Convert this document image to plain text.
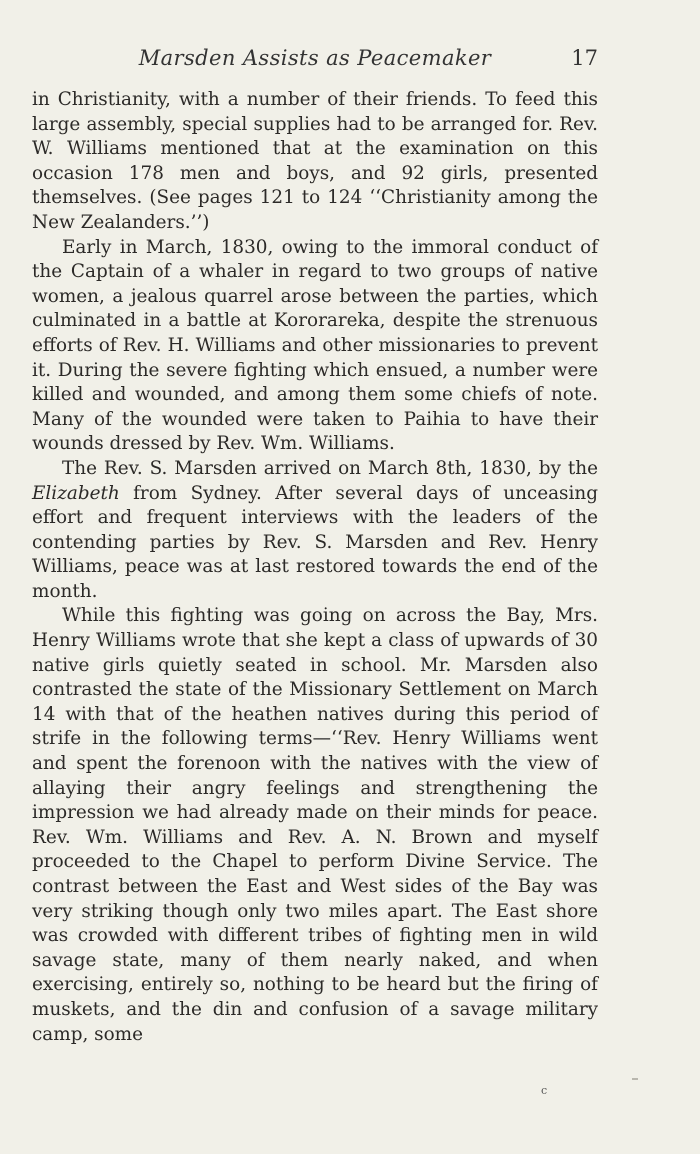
Marsden Assists as Peacemaker	17

in Christianity, with a number of their friends. To feed this large assembly, special supplies had to be arranged for. Rev. W. Williams mentioned that at the examination on this occasion 178 men and boys, and 92 girls, presented themselves. (See pages 121 to 124 ‘‘Christianity among the New Zealanders.’’)

Early in March, 1830, owing to the immoral conduct of the Captain of a whaler in regard to two groups of native women, a jealous quarrel arose between the parties, which culminated in a battle at Kororareka, despite the strenuous efforts of Rev. H. Williams and other missionaries to prevent it. During the severe fighting which ensued, a number were killed and wounded, and among them some chiefs of note. Many of the wounded were taken to Paihia to have their wounds dressed by Rev. Wm. Williams.

The Rev. S. Marsden arrived on March 8th, 1830, by the Elizabeth from Sydney. After several days of unceasing effort and frequent interviews with the leaders of the contending parties by Rev. S. Marsden and Rev. Henry Williams, peace was at last restored towards the end of the month.

While this fighting was going on across the Bay, Mrs. Henry Williams wrote that she kept a class of upwards of 30 native girls quietly seated in school. Mr. Marsden also contrasted the state of the Missionary Settlement on March 14 with that of the heathen natives during this period of strife in the following terms—‘‘Rev. Henry Williams went and spent the forenoon with the natives with the view of allaying their angry feelings and strengthening the impression we had already made on their minds for peace. Rev. Wm. Williams and Rev. A. N. Brown and myself proceeded to the Chapel to perform Divine Service. The contrast between the East and West sides of the Bay was very striking though only two miles apart. The East shore was crowded with different tribes of fighting men in wild savage state, many of them nearly naked, and when exercising, entirely so, nothing to be heard but the firing of muskets, and the din and confusion of a savage military camp, some

c
